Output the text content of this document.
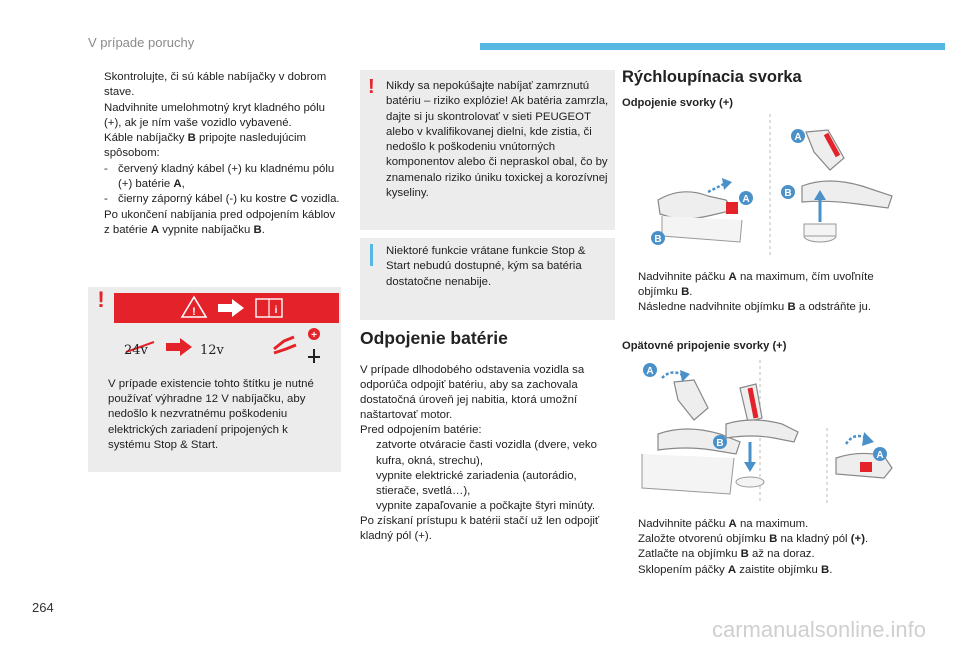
V prípade poruchy

Skontrolujte, či sú káble nabíjačky v dobrom stave.

Nadvihnite umelohmotný kryt kladného pólu (+), ak je ním vaše vozidlo vybavené.

Káble nabíjačky B pripojte nasledujúcim spôsobom:

- červený kladný kábel (+) ku kladnému pólu (+) batérie A,

- čierny záporný kábel (-) ku kostre C vozidla.

Po ukončení nabíjania pred odpojením káblov z batérie A vypnite nabíjačku B.

!	!	i
+
24v	12v
V prípade existencie tohto štítku je nutné používať výhradne 12 V nabíjačku, aby nedošlo k nezvratnému poškodeniu elektrických zariadení pripojených k systému Stop & Start.
! Nikdy sa nepokúšajte nabíjať zamrznutú batériu – riziko explózie! Ak batéria zamrzla, dajte si ju skontrolovať v sieti PEUGEOT alebo v kvalifikovanej dielni, kde zistia, či nedošlo k poškodeniu vnútorných komponentov alebo či nepraskol obal, čo by znamenalo riziko úniku toxickej a korozívnej kyseliny.
Niektoré funkcie vrátane funkcie Stop & Start nebudú dostupné, kým sa batéria dostatočne nenabije.
Odpojenie batérie

V prípade dlhodobého odstavenia vozidla sa odporúča odpojiť batériu, aby sa zachovala dostatočná úroveň jej nabitia, ktorá umožní naštartovať motor.

Pred odpojením batérie:

zatvorte otváracie časti vozidla (dvere, veko kufra, okná, strechu),

vypnite elektrické zariadenia (autorádio, stierače, svetlá…),

vypnite zapaľovanie a počkajte štyri minúty.

Po získaní prístupu k batérii stačí už len odpojiť kladný pól (+).

Rýchloupínacia svorka
Odpojenie svorky (+)
A
B
A
B

Nadvihnite páčku A na maximum, čím uvoľníte objímku B.

Následne nadvihnite objímku B a odstráňte ju.

Opätovné pripojenie svorky (+)
A
B
A

Nadvihnite páčku A na maximum.

Založte otvorenú objímku B na kladný pól (+).

Zatlačte na objímku B až na doraz.

Sklopením páčky A zaistite objímku B.

264
carmanualsonline.info
